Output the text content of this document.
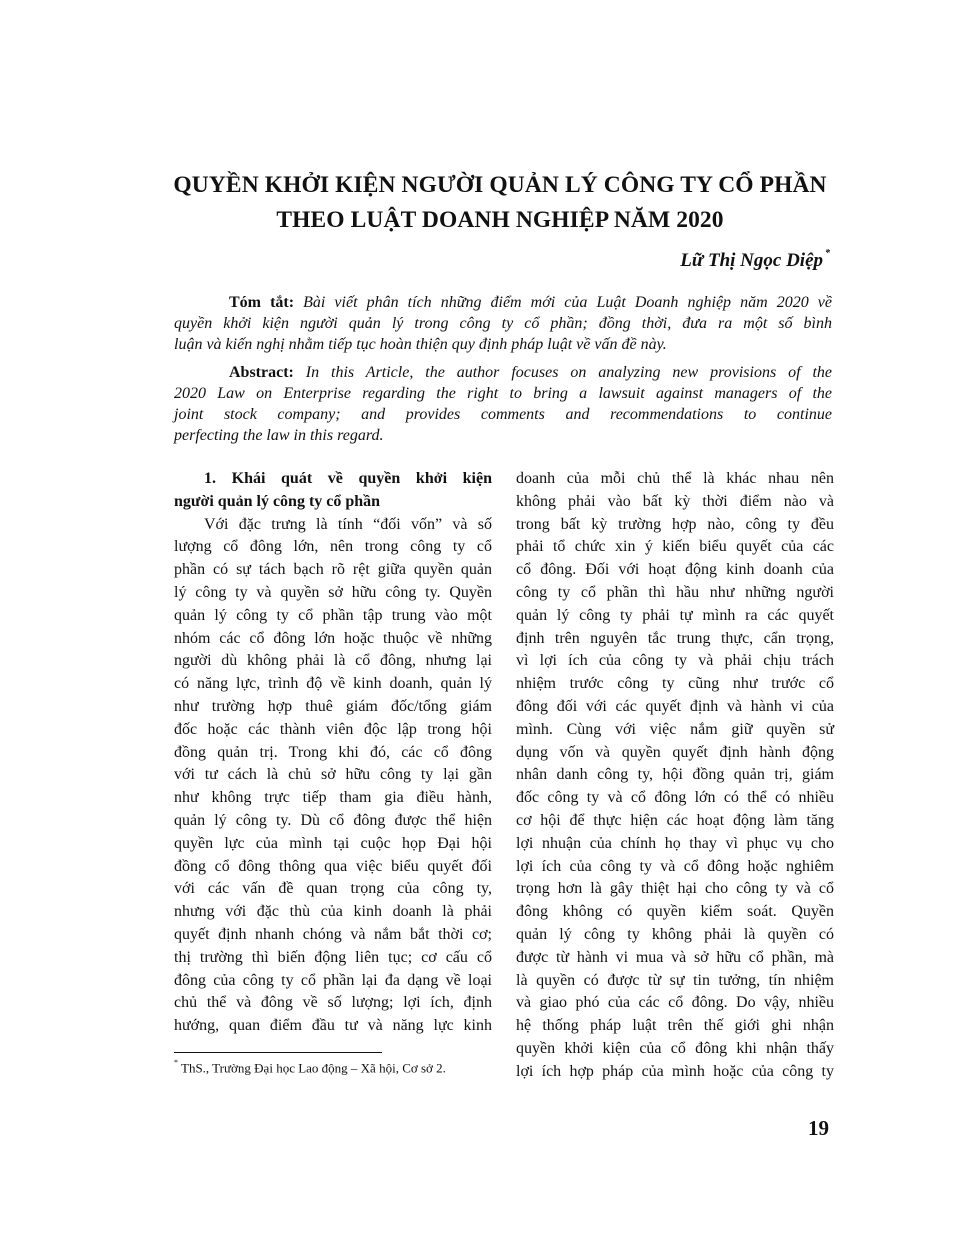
QUYỀN KHỞI KIỆN NGƯỜI QUẢN LÝ CÔNG TY CỔ PHẦN
THEO LUẬT DOANH NGHIỆP NĂM 2020
Lữ Thị Ngọc Diệp *
Tóm tắt: Bài viết phân tích những điểm mới của Luật Doanh nghiệp năm 2020 về
quyền khởi kiện người quản lý trong công ty cổ phần; đồng thời, đưa ra một số bình
luận và kiến nghị nhằm tiếp tục hoàn thiện quy định pháp luật về vấn đề này.
Abstract: In this Article, the author focuses on analyzing new provisions of the
2020 Law on Enterprise regarding the right to bring a lawsuit against managers of the
joint stock company; and provides comments and recommendations to continue
perfecting the law in this regard.
1. Khái quát về quyền khởi kiện
người quản lý công ty cổ phần
Với đặc trưng là tính “đối vốn” và số
lượng cổ đông lớn, nên trong công ty cổ
phần có sự tách bạch rõ rệt giữa quyền quản
lý công ty và quyền sở hữu công ty. Quyền
quản lý công ty cổ phần tập trung vào một
nhóm các cổ đông lớn hoặc thuộc về những
người dù không phải là cổ đông, nhưng lại
có năng lực, trình độ về kinh doanh, quản lý
như trường hợp thuê giám đốc/tổng giám
đốc hoặc các thành viên độc lập trong hội
đồng quản trị. Trong khi đó, các cổ đông
với tư cách là chủ sở hữu công ty lại gần
như không trực tiếp tham gia điều hành,
quản lý công ty. Dù cổ đông được thể hiện
quyền lực của mình tại cuộc họp Đại hội
đồng cổ đông thông qua việc biểu quyết đối
với các vấn đề quan trọng của công ty,
nhưng với đặc thù của kinh doanh là phải
quyết định nhanh chóng và nắm bắt thời cơ;
thị trường thì biến động liên tục; cơ cấu cổ
đông của công ty cổ phần lại đa dạng về loại
chủ thể và đông về số lượng; lợi ích, định
hướng, quan điểm đầu tư và năng lực kinh
doanh của mỗi chủ thể là khác nhau nên
không phải vào bất kỳ thời điểm nào và
trong bất kỳ trường hợp nào, công ty đều
phải tổ chức xin ý kiến biểu quyết của các
cổ đông. Đối với hoạt động kinh doanh của
công ty cổ phần thì hầu như những người
quản lý công ty phải tự mình ra các quyết
định trên nguyên tắc trung thực, cẩn trọng,
vì lợi ích của công ty và phải chịu trách
nhiệm trước công ty cũng như trước cổ
đông đối với các quyết định và hành vi của
mình. Cùng với việc nắm giữ quyền sử
dụng vốn và quyền quyết định hành động
nhân danh công ty, hội đồng quản trị, giám
đốc công ty và cổ đông lớn có thể có nhiều
cơ hội để thực hiện các hoạt động làm tăng
lợi nhuận của chính họ thay vì phục vụ cho
lợi ích của công ty và cổ đông hoặc nghiêm
trọng hơn là gây thiệt hại cho công ty và cổ
đông không có quyền kiểm soát. Quyền
quản lý công ty không phải là quyền có
được từ hành vi mua và sở hữu cổ phần, mà
là quyền có được từ sự tin tưởng, tín nhiệm
và giao phó của các cổ đông. Do vậy, nhiều
hệ thống pháp luật trên thế giới ghi nhận
quyền khởi kiện của cổ đông khi nhận thấy
lợi ích hợp pháp của mình hoặc của công ty
* ThS., Trường Đại học Lao động – Xã hội, Cơ sở 2.
19
